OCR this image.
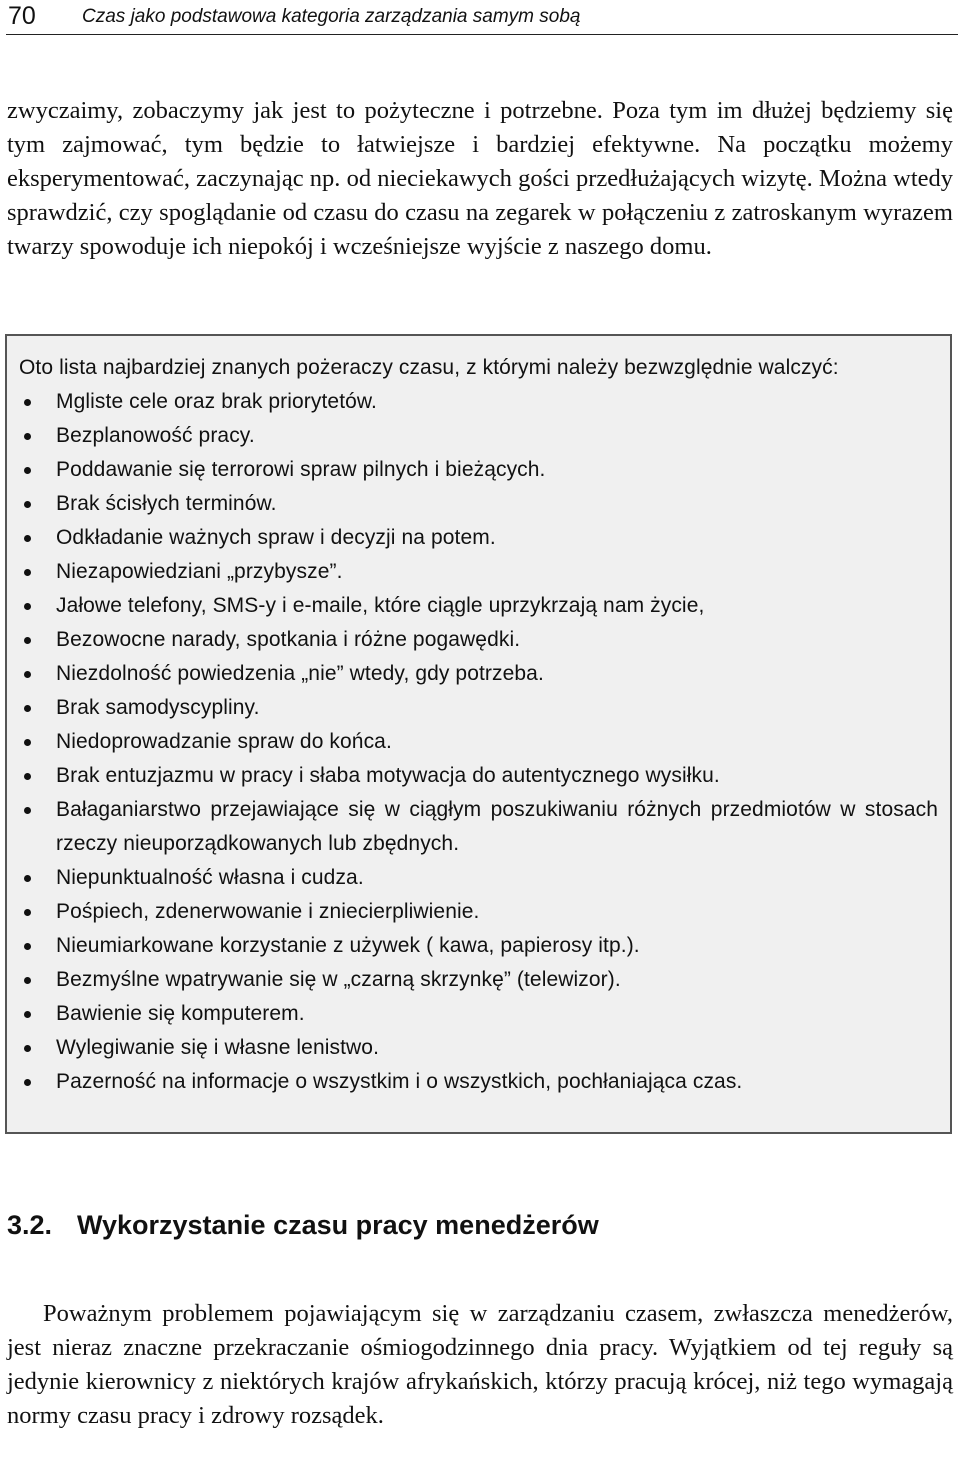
70 Czas jako podstawowa kategoria zarządzania samym sobą

zwyczaimy, zobaczymy jak jest to pożyteczne i potrzebne. Poza tym im dłużej będziemy się tym zajmować, tym będzie to łatwiejsze i bardziej efektywne. Na początku możemy eksperymentować, zaczynając np. od nieciekawych gości przedłużających wizytę. Można wtedy sprawdzić, czy spoglądanie od czasu do czasu na zegarek w połączeniu z zatroskanym wyrazem twarzy spowoduje ich niepokój i wcześniejsze wyjście z naszego domu.

Oto lista najbardziej znanych pożeraczy czasu, z którymi należy bezwzględnie walczyć:

Mgliste cele oraz brak priorytetów.
Bezplanowość pracy.
Poddawanie się terrorowi spraw pilnych i bieżących.
Brak ścisłych terminów.
Odkładanie ważnych spraw i decyzji na potem.
Niezapowiedziani „przybysze”.
Jałowe telefony, SMS-y i e-maile, które ciągle uprzykrzają nam życie,
Bezowocne narady, spotkania i różne pogawędki.
Niezdolność powiedzenia „nie” wtedy, gdy potrzeba.
Brak samodyscypliny.
Niedoprowadzanie spraw do końca.
Brak entuzjazmu w pracy i słaba motywacja do autentycznego wysiłku.
Bałaganiarstwo przejawiające się w ciągłym poszukiwaniu różnych przedmiotów w stosach rzeczy nieuporządkowanych lub zbędnych.
Niepunktualność własna i cudza.
Pośpiech, zdenerwowanie i zniecierpliwienie.
Nieumiarkowane korzystanie z używek ( kawa, papierosy itp.).
Bezmyślne wpatrywanie się w „czarną skrzynkę” (telewizor).
Bawienie się komputerem.
Wylegiwanie się i własne lenistwo.
Pazerność na informacje o wszystkim i o wszystkich, pochłaniająca czas.
3.2. Wykorzystanie czasu pracy menedżerów

Poważnym problemem pojawiającym się w zarządzaniu czasem, zwłaszcza menedżerów, jest nieraz znaczne przekraczanie ośmiogodzinnego dnia pracy. Wyjątkiem od tej reguły są jedynie kierownicy z niektórych krajów afrykańskich, którzy pracują krócej, niż tego wymagają normy czasu pracy i zdrowy rozsądek.
